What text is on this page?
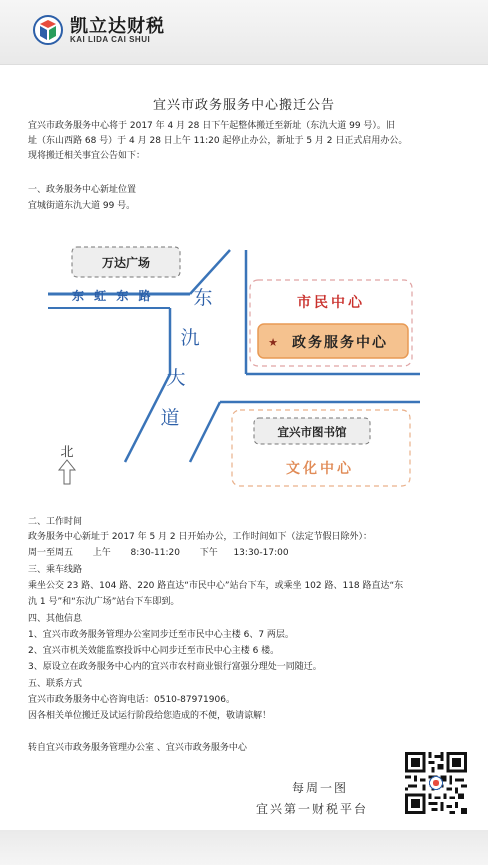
凯立达财税
KAI LIDA CAI SHUI
宜兴市政务服务中心搬迁公告
宜兴市政务服务中心将于 2017 年 4 月 28 日下午起整体搬迁至新址（东氿大道 99 号）。旧
址（东山西路 68 号）于 4 月 28 日上午 11:20 起停止办公，新址于 5 月 2 日正式启用办公。
现将搬迁相关事宜公告如下：
一、政务服务中心新址位置
宜城街道东氿大道 99 号。
万达广场
东 虹 东 路 东
氿
大
道
市民中心
★ 政务服务中心
宜兴市图书馆
文化中心
北
二、工作时间
政务服务中心新址于 2017 年 5 月 2 日开始办公，工作时间如下（法定节假日除外）：
周一至周五 上午 8:30-11:20 下午 13:30-17:00
三、乘车线路
乘坐公交 23 路、104 路、220 路直达“市民中心”站台下车，或乘坐 102 路、118 路直达“东
氿 1 号”和“东氿广场”站台下车即到。
四、其他信息
1、宜兴市政务服务管理办公室同步迁至市民中心主楼 6、7 两层。
2、宜兴市机关效能监察投诉中心同步迁至市民中心主楼 6 楼。
3、原设立在政务服务中心内的宜兴市农村商业银行富强分理处一同随迁。
五、联系方式
宜兴市政务服务中心咨询电话：0510-87971906。
因各相关单位搬迁及试运行阶段给您造成的不便，敬请谅解！
转自宜兴市政务服务管理办公室 、宜兴市政务服务中心
每周一图
宜兴第一财税平台
